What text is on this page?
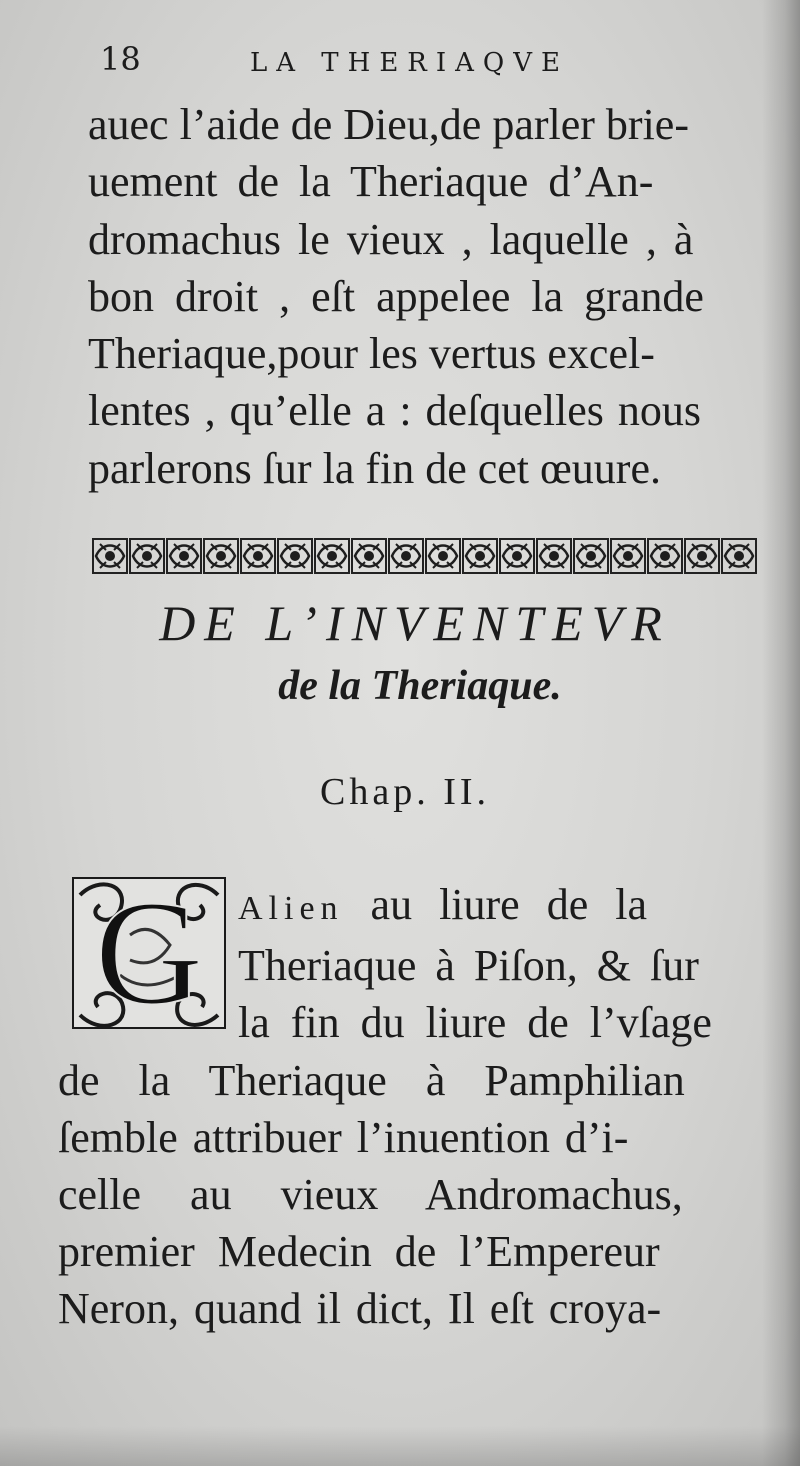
18	LA THERIAQVE
auec l’aide de Dieu,de parler brie-
uement de la Theriaque d’An-
dromachus le vieux , laquelle , à
bon droit , eſt appelee la grande
Theriaque,pour les vertus excel-
lentes , qu’elle a : deſquelles nous
parlerons ſur la fin de cet œuure.
DE L’INVENTEVR
de la Theriaque.
Chap. II.
G	Alien au liure de la
Theriaque à Piſon, & ſur
la fin du liure de l’vſage
de la Theriaque à Pamphilian
ſemble attribuer l’inuention d’i-
celle au vieux Andromachus,
premier Medecin de l’Empereur
Neron, quand il dict, Il eſt croya-
